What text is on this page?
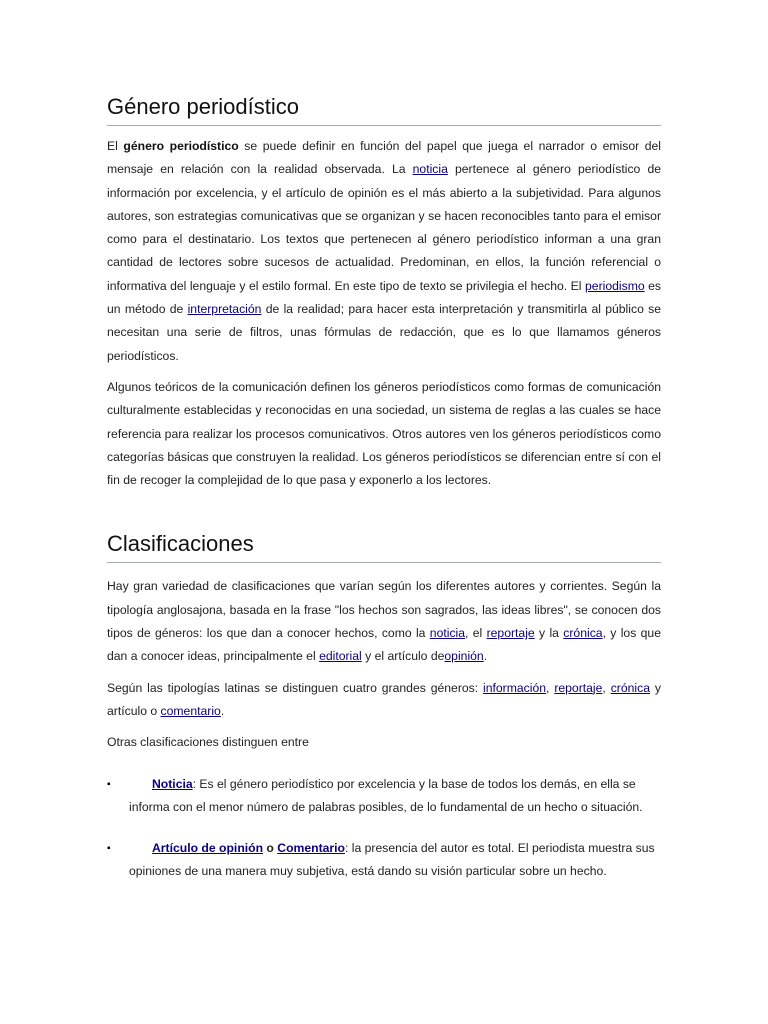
Género periodístico

El género periodístico se puede definir en función del papel que juega el narrador o emisor del mensaje en relación con la realidad observada. La noticia pertenece al género periodístico de información por excelencia, y el artículo de opinión es el más abierto a la subjetividad. Para algunos autores, son estrategias comunicativas que se organizan y se hacen reconocibles tanto para el emisor como para el destinatario. Los textos que pertenecen al género periodístico informan a una gran cantidad de lectores sobre sucesos de actualidad. Predominan, en ellos, la función referencial o informativa del lenguaje y el estilo formal. En este tipo de texto se privilegia el hecho. El periodismo es un método de interpretación de la realidad; para hacer esta interpretación y transmitirla al público se necesitan una serie de filtros, unas fórmulas de redacción, que es lo que llamamos géneros periodísticos.

Algunos teóricos de la comunicación definen los géneros periodísticos como formas de comunicación culturalmente establecidas y reconocidas en una sociedad, un sistema de reglas a las cuales se hace referencia para realizar los procesos comunicativos. Otros autores ven los géneros periodísticos como categorías básicas que construyen la realidad. Los géneros periodísticos se diferencian entre sí con el fin de recoger la complejidad de lo que pasa y exponerlo a los lectores.

Clasificaciones

Hay gran variedad de clasificaciones que varían según los diferentes autores y corrientes. Según la tipología anglosajona, basada en la frase "los hechos son sagrados, las ideas libres", se conocen dos tipos de géneros: los que dan a conocer hechos, como la noticia, el reportaje y la crónica, y los que dan a conocer ideas, principalmente el editorial y el artículo deopinión.

Según las tipologías latinas se distinguen cuatro grandes géneros: información, reportaje, crónica y artículo o comentario.

Otras clasificaciones distinguen entre

▪	Noticia: Es el género periodístico por excelencia y la base de todos los demás, en ella se informa con el menor número de palabras posibles, de lo fundamental de un hecho o situación.
▪	Artículo de opinión o Comentario: la presencia del autor es total. El periodista muestra sus opiniones de una manera muy subjetiva, está dando su visión particular sobre un hecho.
